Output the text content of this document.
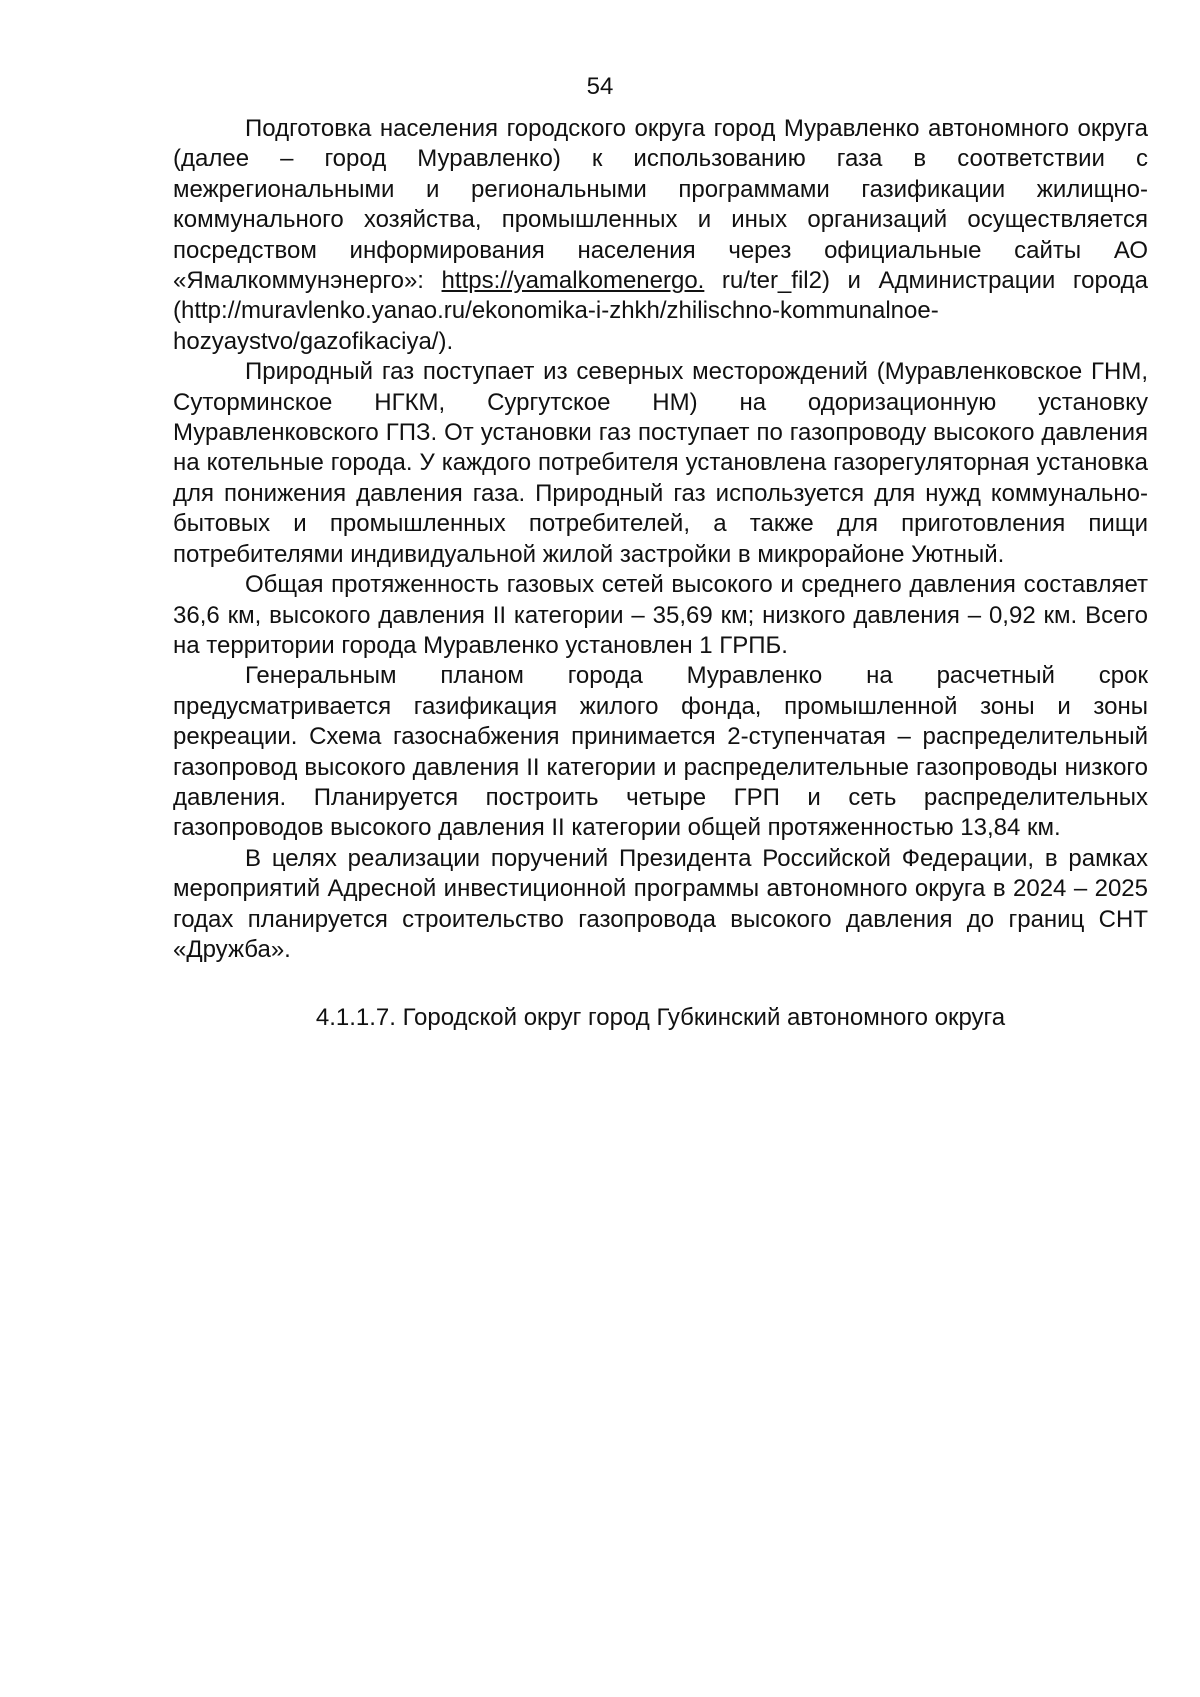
54

Подготовка населения городского округа город Муравленко автономного округа (далее – город Муравленко) к использованию газа в соответствии с межрегиональными и региональными программами газификации жилищно-коммунального хозяйства, промышленных и иных организаций осуществляется посредством информирования населения через официальные сайты АО «Ямалкоммунэнерго»: https://yamalkomenergo. ru/ter_fil2) и Администрации города (http://muravlenko.yanao.ru/ekonomika-i-zhkh/zhilischno-kommunalnoe-hozyaystvo/gazofikaciya/).

Природный газ поступает из северных месторождений (Муравленковское ГНМ, Суторминское НГКМ, Сургутское НМ) на одоризационную установку Муравленковского ГПЗ. От установки газ поступает по газопроводу высокого давления на котельные города. У каждого потребителя установлена газорегуляторная установка для понижения давления газа. Природный газ используется для нужд коммунально-бытовых и промышленных потребителей, а также для приготовления пищи потребителями индивидуальной жилой застройки в микрорайоне Уютный.

Общая протяженность газовых сетей высокого и среднего давления составляет 36,6 км, высокого давления II категории – 35,69 км; низкого давления – 0,92 км. Всего на территории города Муравленко установлен 1 ГРПБ.

Генеральным планом города Муравленко на расчетный срок предусматривается газификация жилого фонда, промышленной зоны и зоны рекреации. Схема газоснабжения принимается 2-ступенчатая – распределительный газопровод высокого давления II категории и распределительные газопроводы низкого давления. Планируется построить четыре ГРП и сеть распределительных газопроводов высокого давления II категории общей протяженностью 13,84 км.

В целях реализации поручений Президента Российской Федерации, в рамках мероприятий Адресной инвестиционной программы автономного округа в 2024 – 2025 годах планируется строительство газопровода высокого давления до границ СНТ «Дружба».

4.1.1.7. Городской округ город Губкинский автономного округа
